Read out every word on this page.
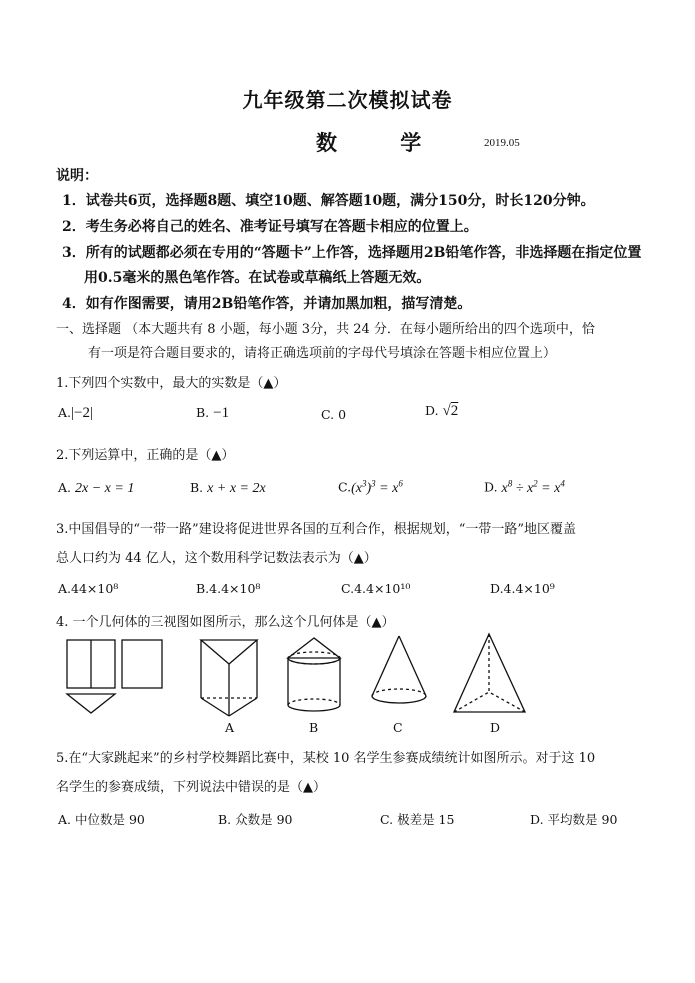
九年级第二次模拟试卷
数 学	2019.05
说明：
1．试卷共6页，选择题8题、填空10题、解答题10题，满分150分，时长120分钟。
2．考生务必将自己的姓名、准考证号填写在答题卡相应的位置上。
3．所有的试题都必须在专用的“答题卡”上作答，选择题用2B铅笔作答，非选择题在指定位置
用0.5毫米的黑色笔作答。在试卷或草稿纸上答题无效。
4．如有作图需要，请用2B铅笔作答，并请加黑加粗，描写清楚。
一、选择题 （本大题共有 8 小题，每小题 3分，共 24 分．在每小题所给出的四个选项中，恰
有一项是符合题目要求的，请将正确选项前的字母代号填涂在答题卡相应位置上）
1.下列四个实数中，最大的实数是（▲）
A.|−2|	B. −1	C. 0	D. √2
2.下列运算中，正确的是（▲）
A. 2x − x = 1	B. x + x = 2x	$C.(x^3)^3 = x^6$	D. $x^8 \div x^2 = x^4$
3.中国倡导的“一带一路”建设将促进世界各国的互利合作，根据规划，“一带一路”地区覆盖
总人口约为 44 亿人，这个数用科学记数法表示为（▲）
A.44×10⁸	B.4.4×10⁸	C.4.4×10¹⁰	D.4.4×10⁹
4. 一个几何体的三视图如图所示，那么这个几何体是（▲）
A	B	C	D
5.在“大家跳起来”的乡村学校舞蹈比赛中，某校 10 名学生参赛成绩统计如图所示。对于这 10
名学生的参赛成绩，下列说法中错误的是（▲）
A. 中位数是 90	B. 众数是 90	C. 极差是 15	D. 平均数是 90
